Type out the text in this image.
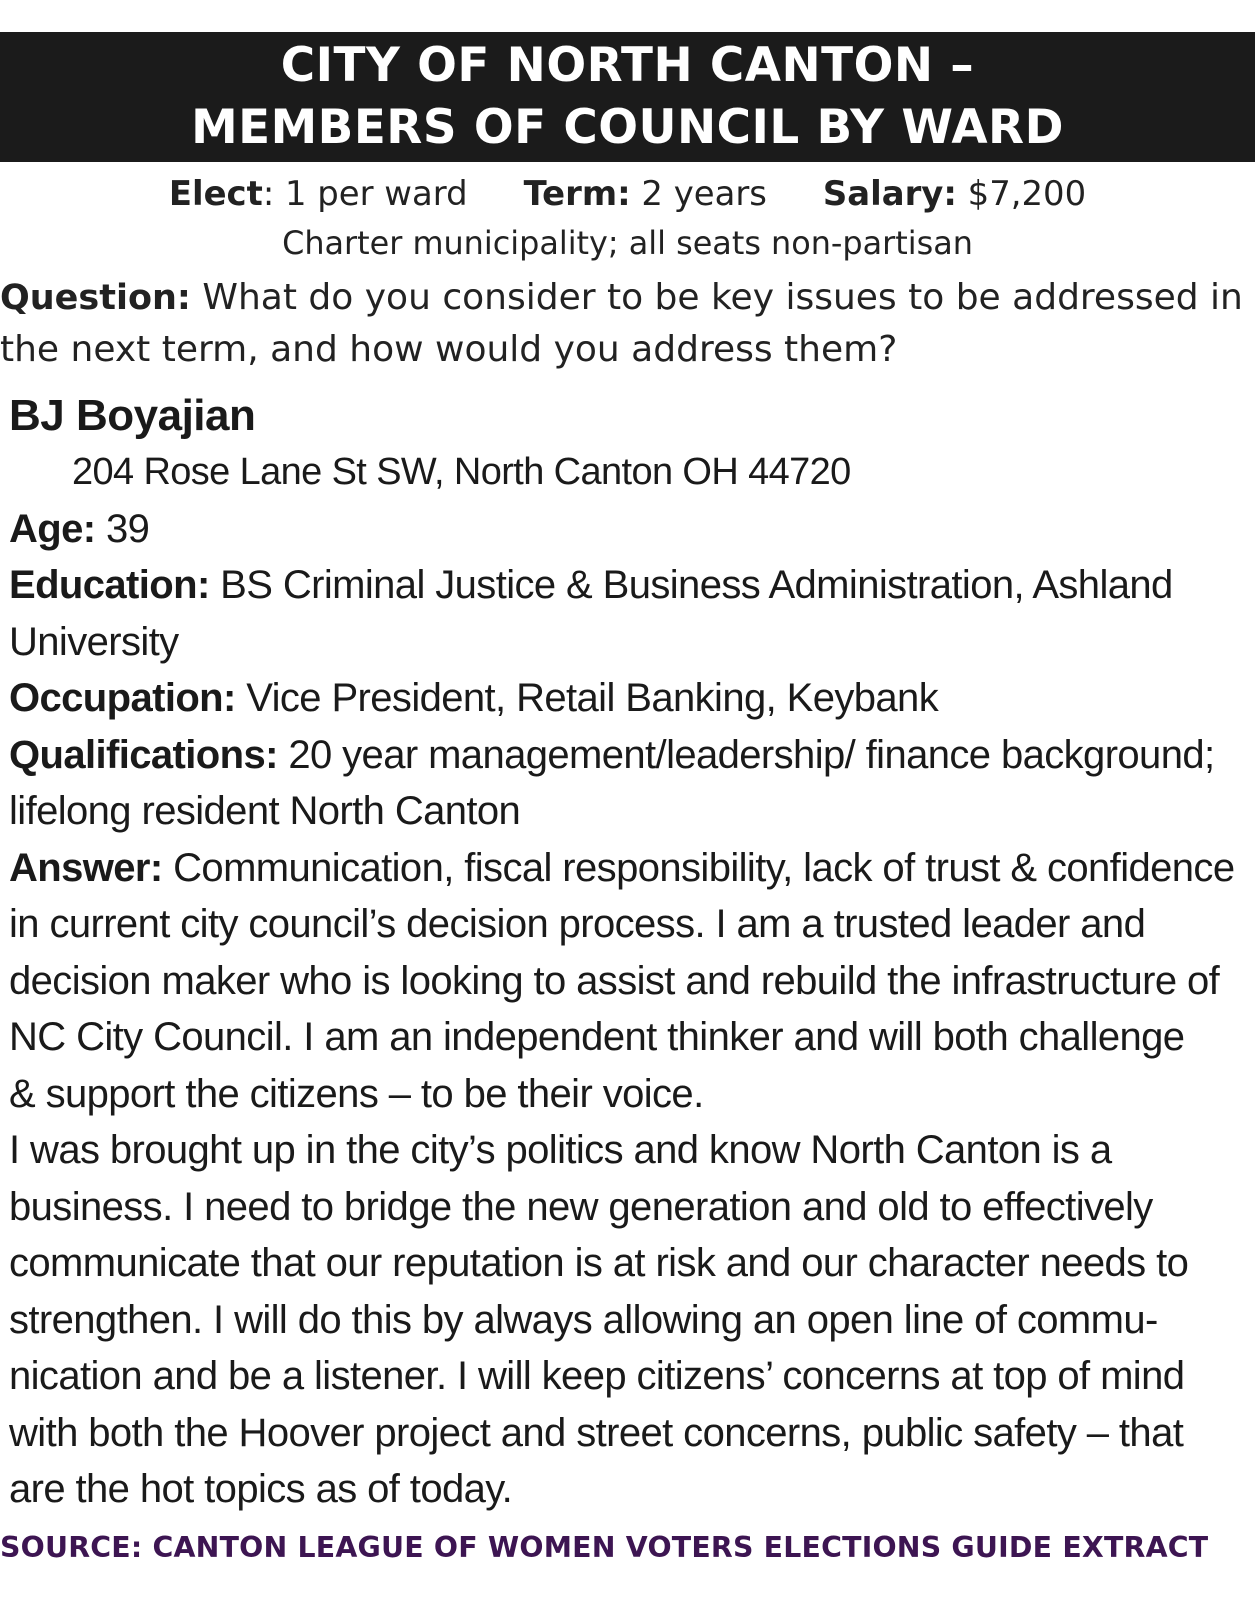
CITY OF NORTH CANTON –
MEMBERS OF COUNCIL BY WARD
Elect: 1 per ward Term: 2 years Salary: $7,200
Charter municipality; all seats non-partisan
Question: What do you consider to be key issues to be addressed in the next term, and how would you address them?
BJ Boyajian
204 Rose Lane St SW, North Canton OH 44720
Age: 39
Education: BS Criminal Justice & Business Administration, Ashland
University
Occupation: Vice President, Retail Banking, Keybank
Qualifications: 20 year management/leadership/ finance background;
lifelong resident North Canton
Answer: Communication, fiscal responsibility, lack of trust & confidence
in current city council’s decision process. I am a trusted leader and
decision maker who is looking to assist and rebuild the infrastructure of
NC City Council. I am an independent thinker and will both challenge
& support the citizens – to be their voice.
I was brought up in the city’s politics and know North Canton is a
business. I need to bridge the new generation and old to effectively
communicate that our reputation is at risk and our character needs to
strengthen. I will do this by always allowing an open line of commu-
nication and be a listener. I will keep citizens’ concerns at top of mind
with both the Hoover project and street concerns, public safety – that
are the hot topics as of today.
SOURCE: CANTON LEAGUE OF WOMEN VOTERS ELECTIONS GUIDE EXTRACT
